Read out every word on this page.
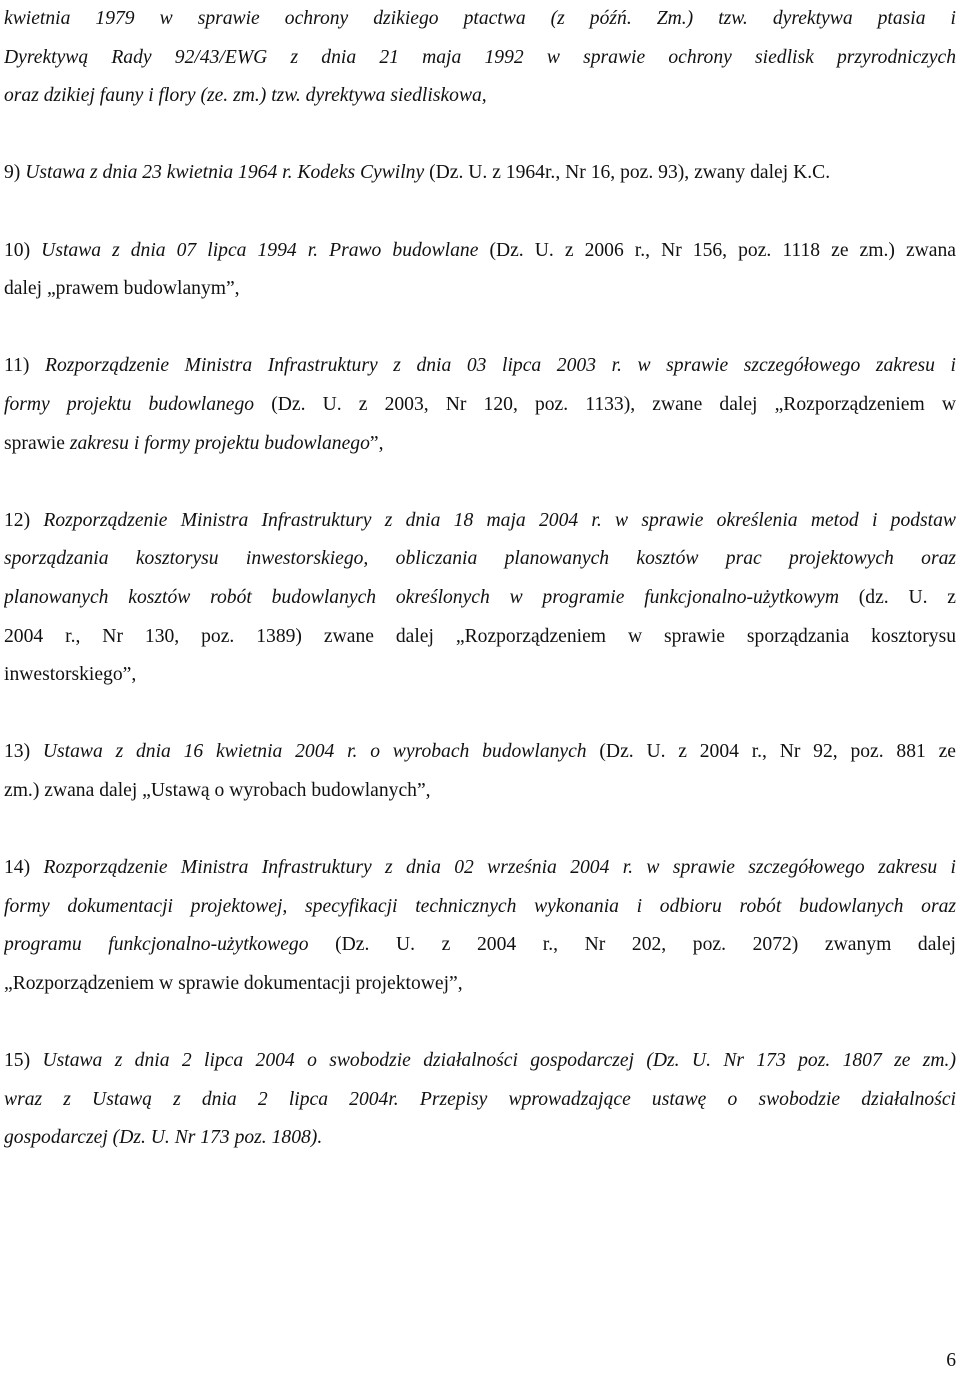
kwietnia 1979 w sprawie ochrony dzikiego ptactwa (z późń. Zm.) tzw. dyrektywa ptasia i
Dyrektywą Rady 92/43/EWG z dnia 21 maja 1992 w sprawie ochrony siedlisk przyrodniczych
oraz dzikiej fauny i flory (ze. zm.) tzw. dyrektywa siedliskowa,
9) Ustawa z dnia 23 kwietnia 1964 r. Kodeks Cywilny (Dz. U. z 1964r., Nr 16, poz. 93), zwany dalej K.C.
10) Ustawa z dnia 07 lipca 1994 r. Prawo budowlane (Dz. U. z 2006 r., Nr 156, poz. 1118 ze zm.) zwana
dalej „prawem budowlanym”,
11) Rozporządzenie Ministra Infrastruktury z dnia 03 lipca 2003 r. w sprawie szczegółowego zakresu i
formy projektu budowlanego (Dz. U. z 2003, Nr 120, poz. 1133), zwane dalej „Rozporządzeniem w
sprawie zakresu i formy projektu budowlanego”,
12) Rozporządzenie Ministra Infrastruktury z dnia 18 maja 2004 r. w sprawie określenia metod i podstaw
sporządzania kosztorysu inwestorskiego, obliczania planowanych kosztów prac projektowych oraz
planowanych kosztów robót budowlanych określonych w programie funkcjonalno-użytkowym (dz. U. z
2004 r., Nr 130, poz. 1389) zwane dalej „Rozporządzeniem w sprawie sporządzania kosztorysu
inwestorskiego”,
13) Ustawa z dnia 16 kwietnia 2004 r. o wyrobach budowlanych (Dz. U. z 2004 r., Nr 92, poz. 881 ze
zm.) zwana dalej „Ustawą o wyrobach budowlanych”,
14) Rozporządzenie Ministra Infrastruktury z dnia 02 września 2004 r. w sprawie szczegółowego zakresu i
formy dokumentacji projektowej, specyfikacji technicznych wykonania i odbioru robót budowlanych oraz
programu funkcjonalno-użytkowego (Dz. U. z 2004 r., Nr 202, poz. 2072) zwanym dalej
„Rozporządzeniem w sprawie dokumentacji projektowej”,
15) Ustawa z dnia 2 lipca 2004 o swobodzie działalności gospodarczej (Dz. U. Nr 173 poz. 1807 ze zm.)
wraz z Ustawą z dnia 2 lipca 2004r. Przepisy wprowadzające ustawę o swobodzie działalności
gospodarczej (Dz. U. Nr 173 poz. 1808).
6
